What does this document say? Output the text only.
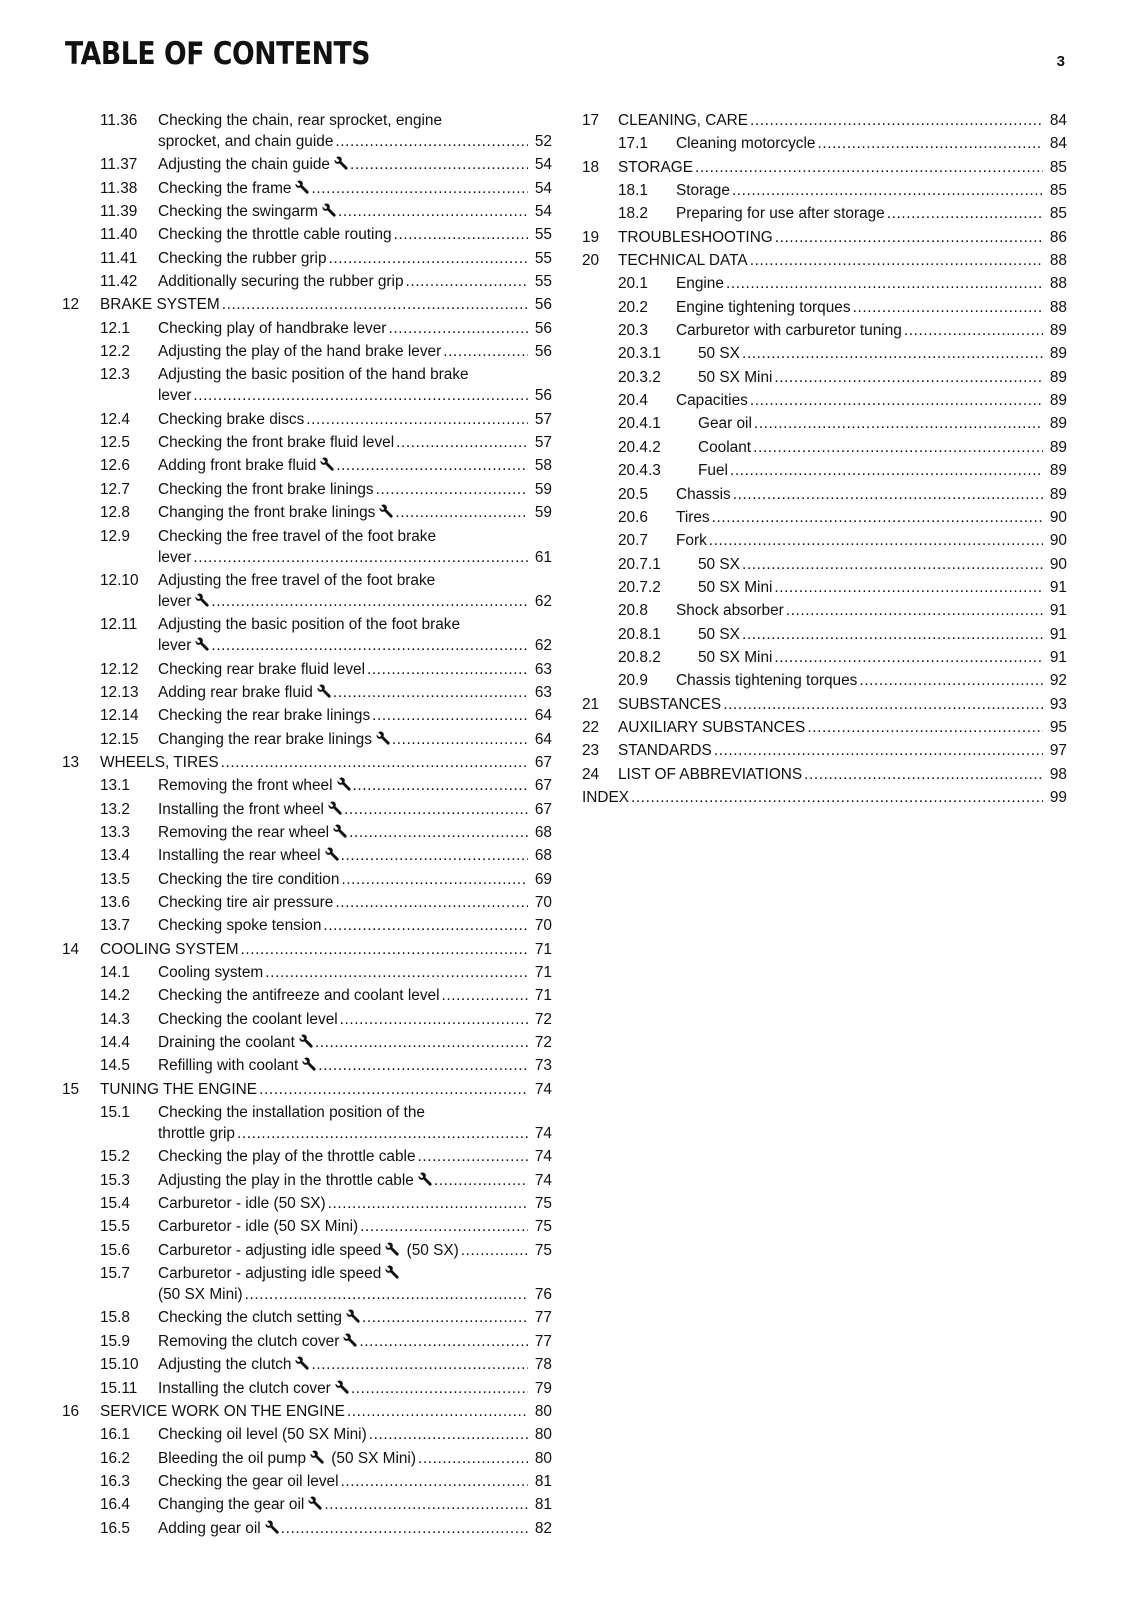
TABLE OF CONTENTS	3
11.36 Checking the chain, rear sprocket, engine
sprocket, and chain guide .....	52
11.37 Adjusting the chain guide .....	54
11.38 Checking the frame .....	54
11.39 Checking the swingarm .....	54
11.40 Checking the throttle cable routing .....	55
11.41 Checking the rubber grip .....	55
11.42 Additionally securing the rubber grip .....	55
12 BRAKE SYSTEM .....	56
12.1 Checking play of handbrake lever .....	56
12.2 Adjusting the play of the hand brake lever .....	56
12.3 Adjusting the basic position of the hand brake
lever .....	56
12.4 Checking brake discs .....	57
12.5 Checking the front brake fluid level .....	57
12.6 Adding front brake fluid .....	58
12.7 Checking the front brake linings .....	59
12.8 Changing the front brake linings .....	59
12.9 Checking the free travel of the foot brake
lever .....	61
12.10 Adjusting the free travel of the foot brake
lever .....	62
12.11 Adjusting the basic position of the foot brake
lever .....	62
12.12 Checking rear brake fluid level .....	63
12.13 Adding rear brake fluid .....	63
12.14 Checking the rear brake linings .....	64
12.15 Changing the rear brake linings .....	64
13 WHEELS, TIRES .....	67
13.1 Removing the front wheel .....	67
13.2 Installing the front wheel .....	67
13.3 Removing the rear wheel .....	68
13.4 Installing the rear wheel .....	68
13.5 Checking the tire condition .....	69
13.6 Checking tire air pressure .....	70
13.7 Checking spoke tension .....	70
14 COOLING SYSTEM .....	71
14.1 Cooling system .....	71
14.2 Checking the antifreeze and coolant level .....	71
14.3 Checking the coolant level .....	72
14.4 Draining the coolant .....	72
14.5 Refilling with coolant .....	73
15 TUNING THE ENGINE .....	74
15.1 Checking the installation position of the
throttle grip .....	74
15.2 Checking the play of the throttle cable .....	74
15.3 Adjusting the play in the throttle cable .....	74
15.4 Carburetor - idle (50 SX) .....	75
15.5 Carburetor - idle (50 SX Mini) .....	75
15.6 Carburetor - adjusting idle speed
(50 SX) .....	75
15.7 Carburetor - adjusting idle speed
(50 SX Mini) .....	76
15.8 Checking the clutch setting .....	77
15.9 Removing the clutch cover .....	77
15.10 Adjusting the clutch .....	78
15.11 Installing the clutch cover .....	79
16 SERVICE WORK ON THE ENGINE .....	80
16.1 Checking oil level (50 SX Mini) .....	80
16.2 Bleeding the oil pump
(50 SX Mini) .....	80
16.3 Checking the gear oil level .....	81
16.4 Changing the gear oil .....	81
16.5 Adding gear oil .....	82
17 CLEANING, CARE .....	84
17.1 Cleaning motorcycle .....	84
18 STORAGE .....	85
18.1 Storage .....	85
18.2 Preparing for use after storage .....	85
19 TROUBLESHOOTING .....	86
20 TECHNICAL DATA .....	88
20.1 Engine .....	88
20.2 Engine tightening torques .....	88
20.3 Carburetor with carburetor tuning .....	89
20.3.1 50 SX .....	89
20.3.2 50 SX Mini .....	89
20.4 Capacities .....	89
20.4.1 Gear oil .....	89
20.4.2 Coolant .....	89
20.4.3 Fuel .....	89
20.5 Chassis .....	89
20.6 Tires .....	90
20.7 Fork .....	90
20.7.1 50 SX .....	90
20.7.2 50 SX Mini .....	91
20.8 Shock absorber .....	91
20.8.1 50 SX .....	91
20.8.2 50 SX Mini .....	91
20.9 Chassis tightening torques .....	92
21 SUBSTANCES .....	93
22 AUXILIARY SUBSTANCES .....	95
23 STANDARDS .....	97
24 LIST OF ABBREVIATIONS .....	98
INDEX .....	99
